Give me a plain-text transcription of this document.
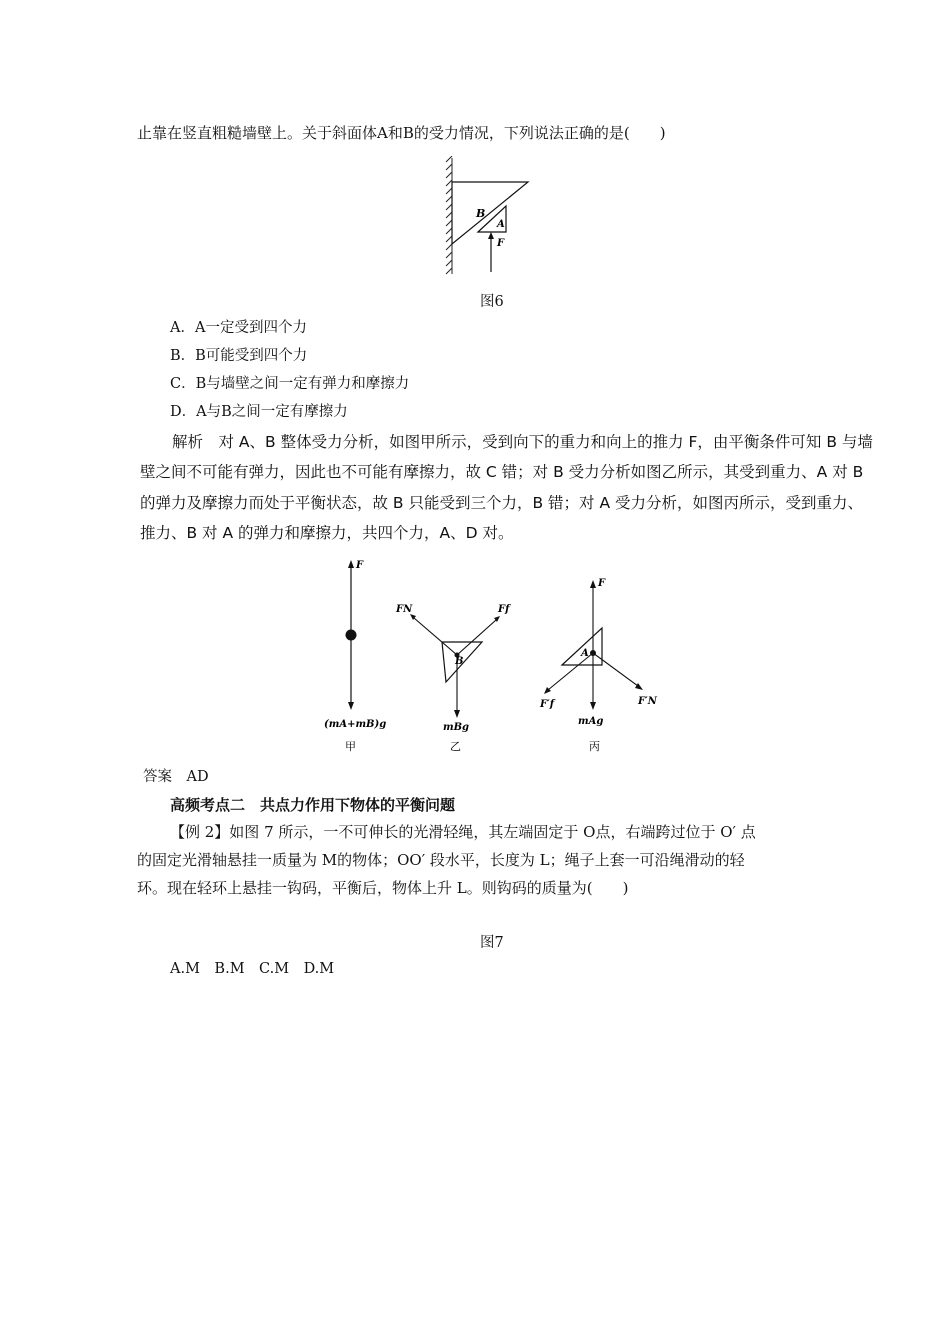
止靠在竖直粗糙墙壁上。关于斜面体A和B的受力情况，下列说法正确的是(　　)
B
A
F
图6
A．A一定受到四个力
B．B可能受到四个力
C．B与墙壁之间一定有弹力和摩擦力
D．A与B之间一定有摩擦力
解析　对 A、B 整体受力分析，如图甲所示，受到向下的重力和向上的推力 F，由平衡条件可知 B 与墙
壁之间不可能有弹力，因此也不可能有摩擦力，故 C 错；对 B 受力分析如图乙所示，其受到重力、A 对 B
的弹力及摩擦力而处于平衡状态，故 B 只能受到三个力，B 错；对 A 受力分析，如图丙所示，受到重力、
推力、B 对 A 的弹力和摩擦力，共四个力，A、D 对。
F
(mA+mB)g
甲
FN	Ff
B
mBg
乙
F
A
F′f	F′N
mAg
丙
答案　AD
高频考点二　共点力作用下物体的平衡问题
【例 2】如图 7 所示，一不可伸长的光滑轻绳，其左端固定于 O点，右端跨过位于 O′ 点
的固定光滑轴悬挂一质量为 M的物体；OO′ 段水平，长度为 L；绳子上套一可沿绳滑动的轻
环。现在轻环上悬挂一钩码，平衡后，物体上升 L。则钩码的质量为(　　)
图7
A.M　B.M　C.M　D.M
